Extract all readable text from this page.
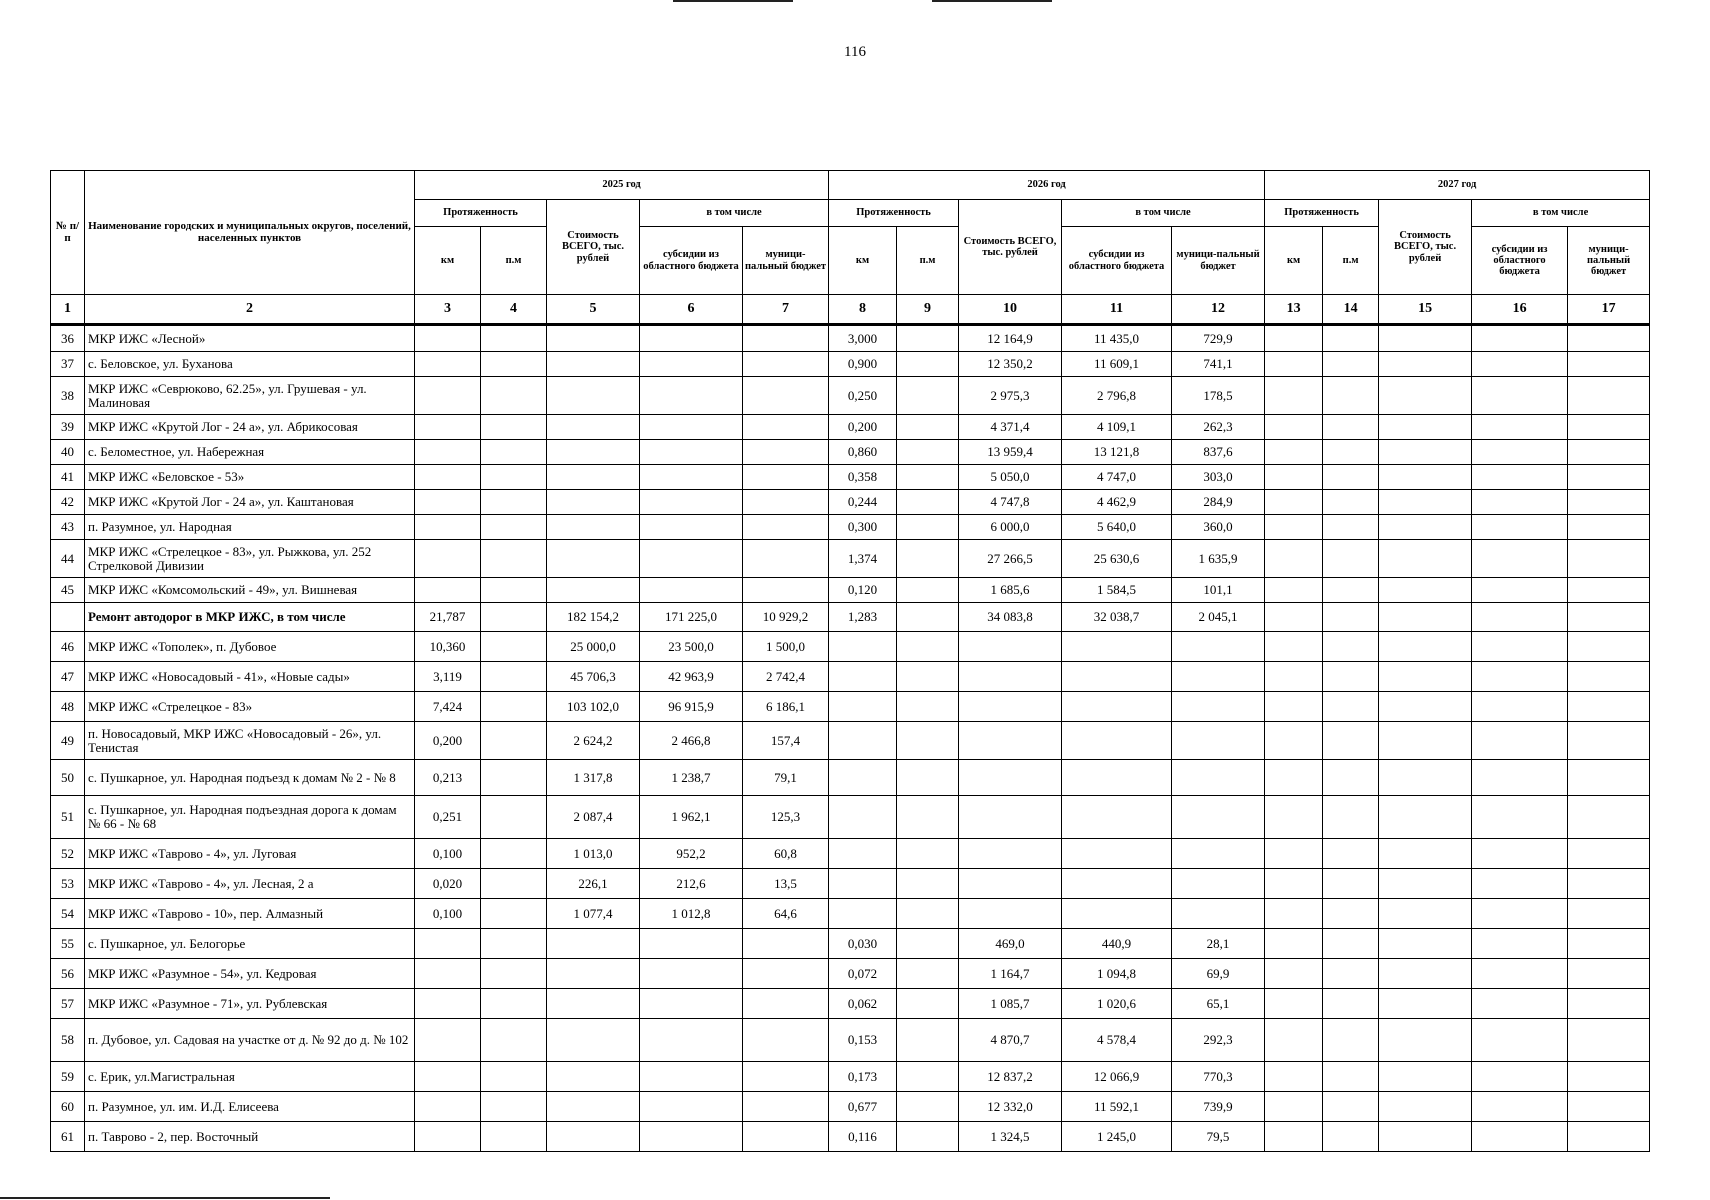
116
№ п/п	Наименование городских и муниципальных округов, поселений, населенных пунктов	2025 год					2026 год					2027 год				
		Протяженность		Стоимость ВСЕГО, тыс. рублей	в том числе		Протяженность		Стоимость ВСЕГО, тыс. рублей	в том числе		Протяженность		Стоимость ВСЕГО, тыс. рублей	в том числе	
		км	п.м		субсидии из областного бюджета	муници-пальный бюджет	км	п.м		субсидии из областного бюджета	муници-пальный бюджет	км	п.м		субсидии из областного бюджета	муници-пальный бюджет
1	2	3	4	5	6	7	8	9	10	11	12	13	14	15	16	17
36	МКР ИЖС «Лесной»						3,000		12 164,9	11 435,0	729,9					
37	с. Беловское, ул. Буханова						0,900		12 350,2	11 609,1	741,1					
38	МКР ИЖС «Севрюково, 62.25», ул. Грушевая - ул. Малиновая						0,250		2 975,3	2 796,8	178,5					
39	МКР ИЖС «Крутой Лог - 24 а», ул. Абрикосовая						0,200		4 371,4	4 109,1	262,3					
40	с. Беломестное, ул. Набережная						0,860		13 959,4	13 121,8	837,6					
41	МКР ИЖС «Беловское - 53»						0,358		5 050,0	4 747,0	303,0					
42	МКР ИЖС «Крутой Лог - 24 а», ул. Каштановая						0,244		4 747,8	4 462,9	284,9					
43	п. Разумное, ул. Народная						0,300		6 000,0	5 640,0	360,0					
44	МКР ИЖС «Стрелецкое - 83», ул. Рыжкова, ул. 252 Стрелковой Дивизии						1,374		27 266,5	25 630,6	1 635,9					
45	МКР ИЖС «Комсомольский - 49», ул. Вишневая						0,120		1 685,6	1 584,5	101,1					
	Ремонт автодорог в МКР ИЖС, в том числе	21,787		182 154,2	171 225,0	10 929,2	1,283		34 083,8	32 038,7	2 045,1					
46	МКР ИЖС «Тополек», п. Дубовое	10,360		25 000,0	23 500,0	1 500,0										
47	МКР ИЖС «Новосадовый - 41», «Новые сады»	3,119		45 706,3	42 963,9	2 742,4										
48	МКР ИЖС «Стрелецкое - 83»	7,424		103 102,0	96 915,9	6 186,1										
49	п. Новосадовый, МКР ИЖС «Новосадовый - 26», ул. Тенистая	0,200		2 624,2	2 466,8	157,4										
50	с. Пушкарное, ул. Народная подъезд к домам № 2 - № 8	0,213		1 317,8	1 238,7	79,1										
51	с. Пушкарное, ул. Народная подъездная дорога к домам № 66 - № 68	0,251		2 087,4	1 962,1	125,3										
52	МКР ИЖС «Таврово - 4», ул. Луговая	0,100		1 013,0	952,2	60,8										
53	МКР ИЖС «Таврово - 4», ул. Лесная, 2 а	0,020		226,1	212,6	13,5										
54	МКР ИЖС «Таврово - 10», пер. Алмазный	0,100		1 077,4	1 012,8	64,6										
55	с. Пушкарное, ул. Белогорье						0,030		469,0	440,9	28,1					
56	МКР ИЖС «Разумное - 54», ул. Кедровая						0,072		1 164,7	1 094,8	69,9					
57	МКР ИЖС «Разумное - 71», ул. Рублевская						0,062		1 085,7	1 020,6	65,1					
58	п. Дубовое, ул. Садовая на участке от д. № 92 до д. № 102						0,153		4 870,7	4 578,4	292,3					
59	с. Ерик, ул.Магистральная						0,173		12 837,2	12 066,9	770,3					
60	п. Разумное, ул. им. И.Д. Елисеева						0,677		12 332,0	11 592,1	739,9					
61	п. Таврово - 2, пер. Восточный						0,116		1 324,5	1 245,0	79,5					
